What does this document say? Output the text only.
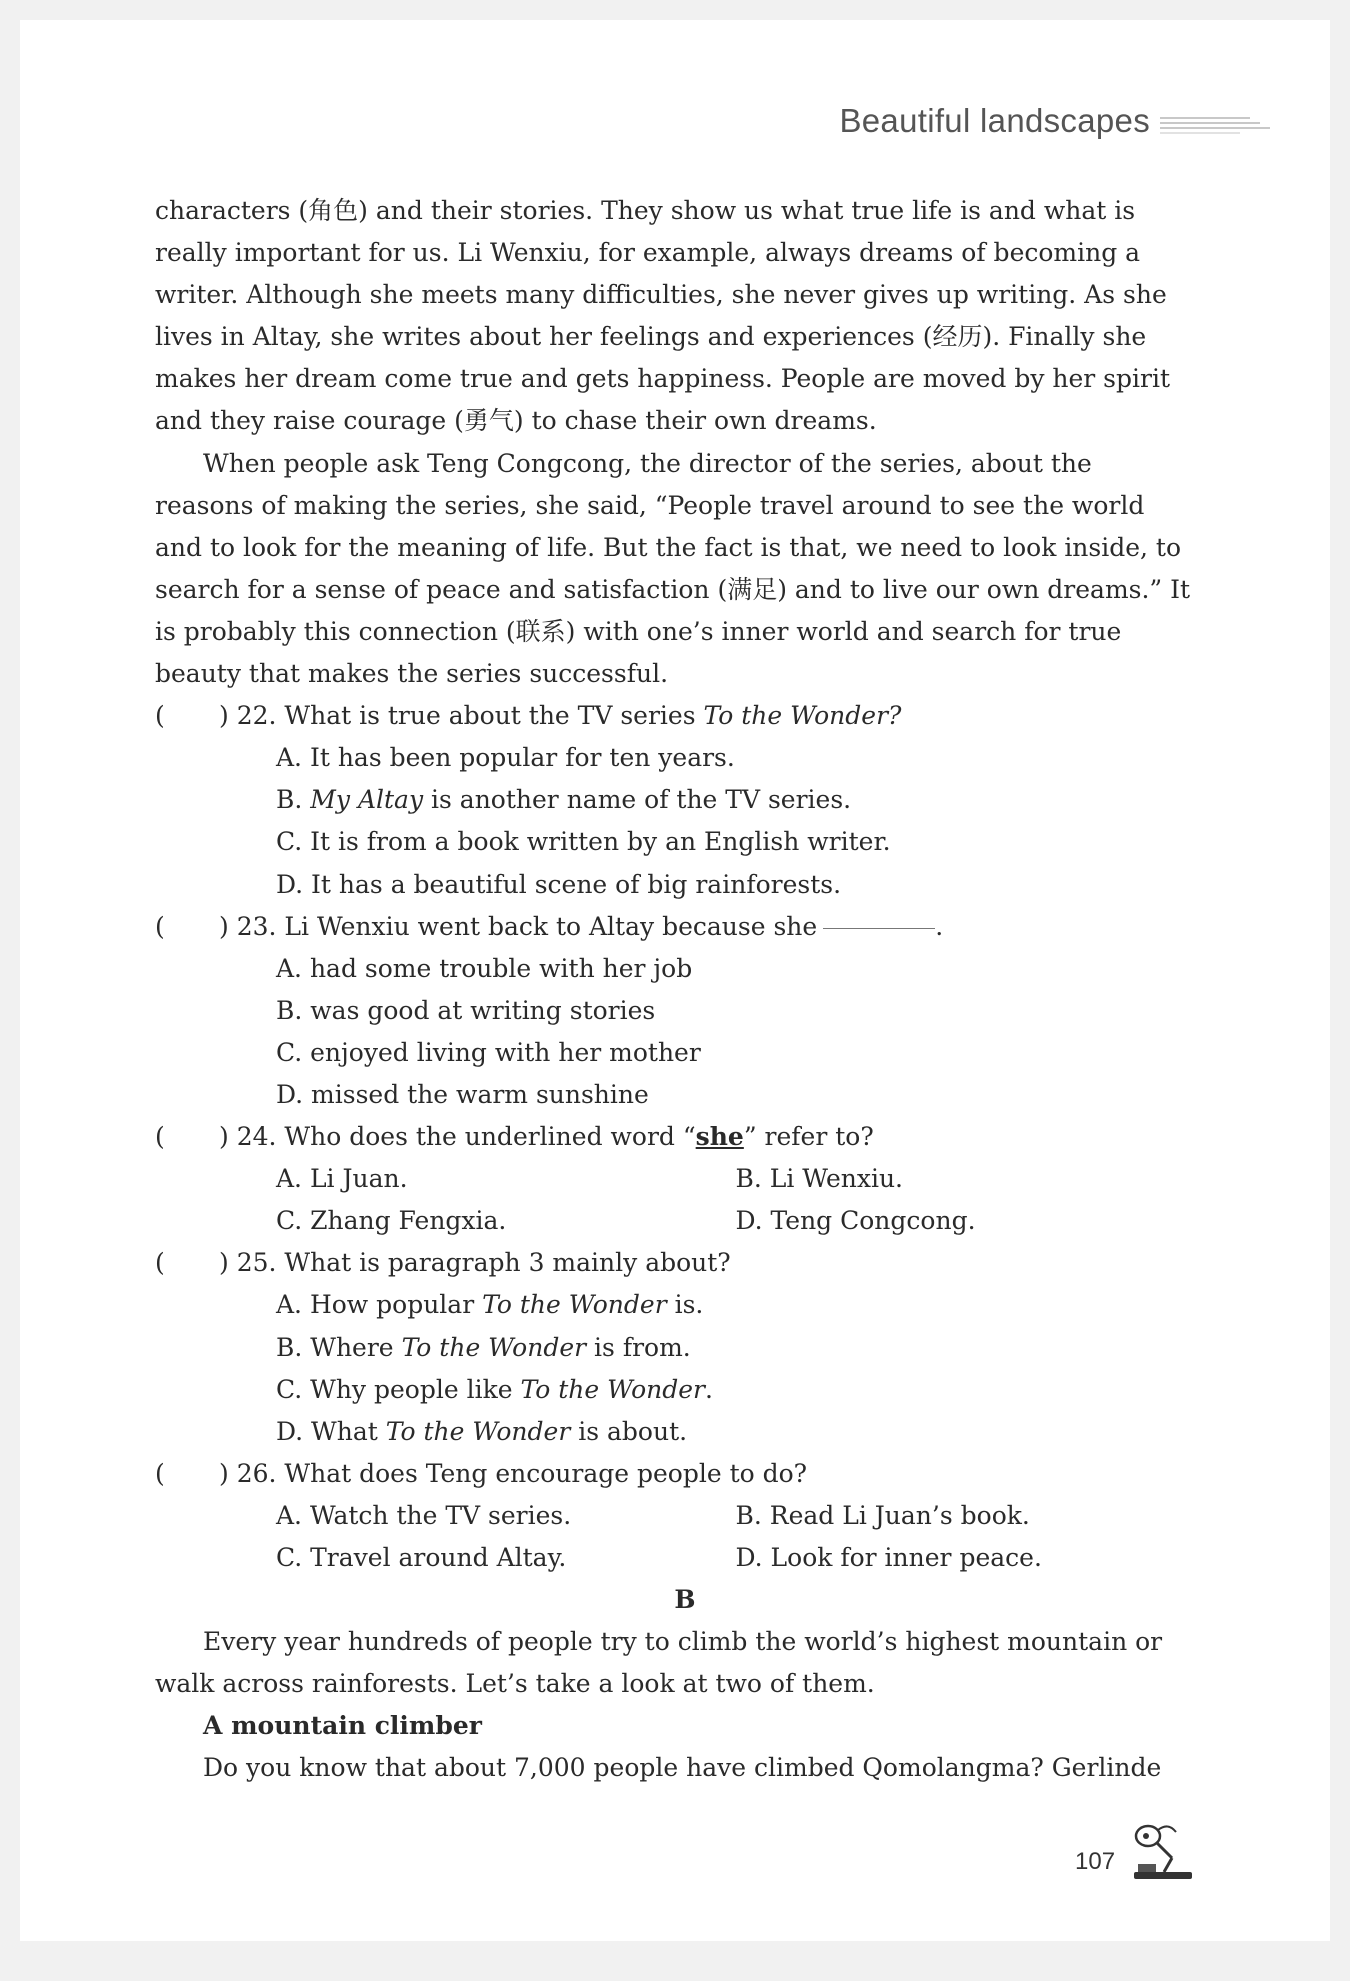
Beautiful landscapes

characters (角色) and their stories. They show us what true life is and what is really important for us. Li Wenxiu, for example, always dreams of becoming a writer. Although she meets many difficulties, she never gives up writing. As she lives in Altay, she writes about her feelings and experiences (经历). Finally she makes her dream come true and gets happiness. People are moved by her spirit and they raise courage (勇气) to chase their own dreams.

When people ask Teng Congcong, the director of the series, about the reasons of making the series, she said, “People travel around to see the world and to look for the meaning of life. But the fact is that, we need to look inside, to search for a sense of peace and satisfaction (满足) and to live our own dreams.” It is probably this connection (联系) with one’s inner world and search for true beauty that makes the series successful.

( ) 22. What is true about the TV series To the Wonder?

A. It has been popular for ten years.

B. My Altay is another name of the TV series.

C. It is from a book written by an English writer.

D. It has a beautiful scene of big rainforests.

( ) 23. Li Wenxiu went back to Altay because she	.

A. had some trouble with her job

B. was good at writing stories

C. enjoyed living with her mother

D. missed the warm sunshine

( ) 24. Who does the underlined word “she” refer to?

A. Li Juan.	B. Li Wenxiu.

C. Zhang Fengxia.	D. Teng Congcong.

( ) 25. What is paragraph 3 mainly about?

A. How popular To the Wonder is.

B. Where To the Wonder is from.

C. Why people like To the Wonder.

D. What To the Wonder is about.

( ) 26. What does Teng encourage people to do?

A. Watch the TV series.	B. Read Li Juan’s book.

C. Travel around Altay.	D. Look for inner peace.

B

Every year hundreds of people try to climb the world’s highest mountain or walk across rainforests. Let’s take a look at two of them.

A mountain climber

Do you know that about 7,000 people have climbed Qomolangma? Gerlinde

107
